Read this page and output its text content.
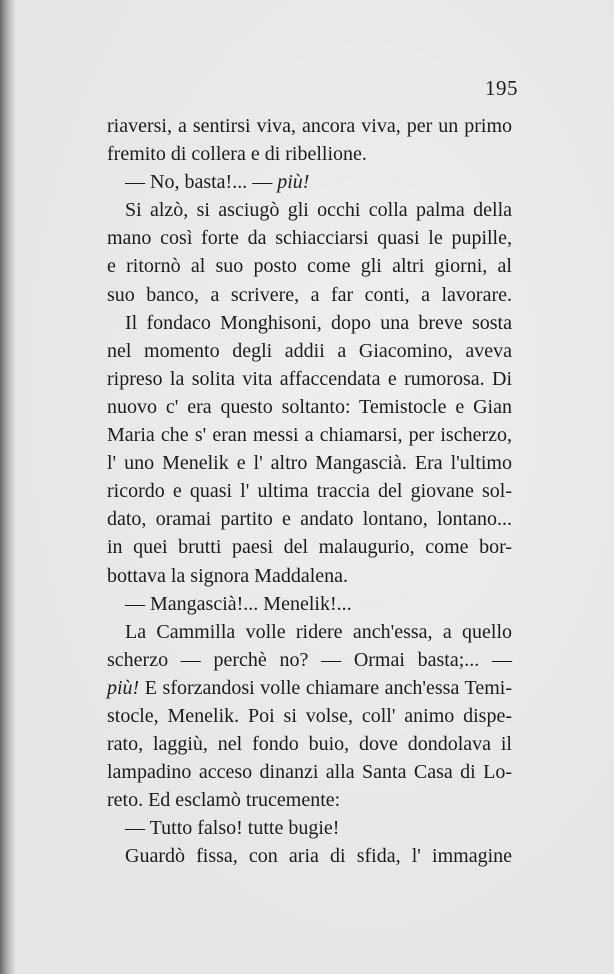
195
riaversi, a sentirsi viva, ancora viva, per un primo
fremito di collera e di ribellione.
— No, basta!... — più!
Si alzò, si asciugò gli occhi colla palma della
mano così forte da schiacciarsi quasi le pupille,
e ritornò al suo posto come gli altri giorni, al
suo banco, a scrivere, a far conti, a lavorare.
Il fondaco Monghisoni, dopo una breve sosta
nel momento degli addii a Giacomino, aveva
ripreso la solita vita affaccendata e rumorosa. Di
nuovo c' era questo soltanto: Temistocle e Gian
Maria che s' eran messi a chiamarsi, per ischerzo,
l' uno Menelik e l' altro Mangascià. Era l'ultimo
ricordo e quasi l' ultima traccia del giovane sol-
dato, oramai partito e andato lontano, lontano...
in quei brutti paesi del malaugurio, come bor-
bottava la signora Maddalena.
— Mangascià!... Menelik!...
La Cammilla volle ridere anch'essa, a quello
scherzo — perchè no? — Ormai basta;... —
più! E sforzandosi volle chiamare anch'essa Temi-
stocle, Menelik. Poi si volse, coll' animo dispe-
rato, laggiù, nel fondo buio, dove dondolava il
lampadino acceso dinanzi alla Santa Casa di Lo-
reto. Ed esclamò trucemente:
— Tutto falso! tutte bugie!
Guardò fissa, con aria di sfida, l' immagine
